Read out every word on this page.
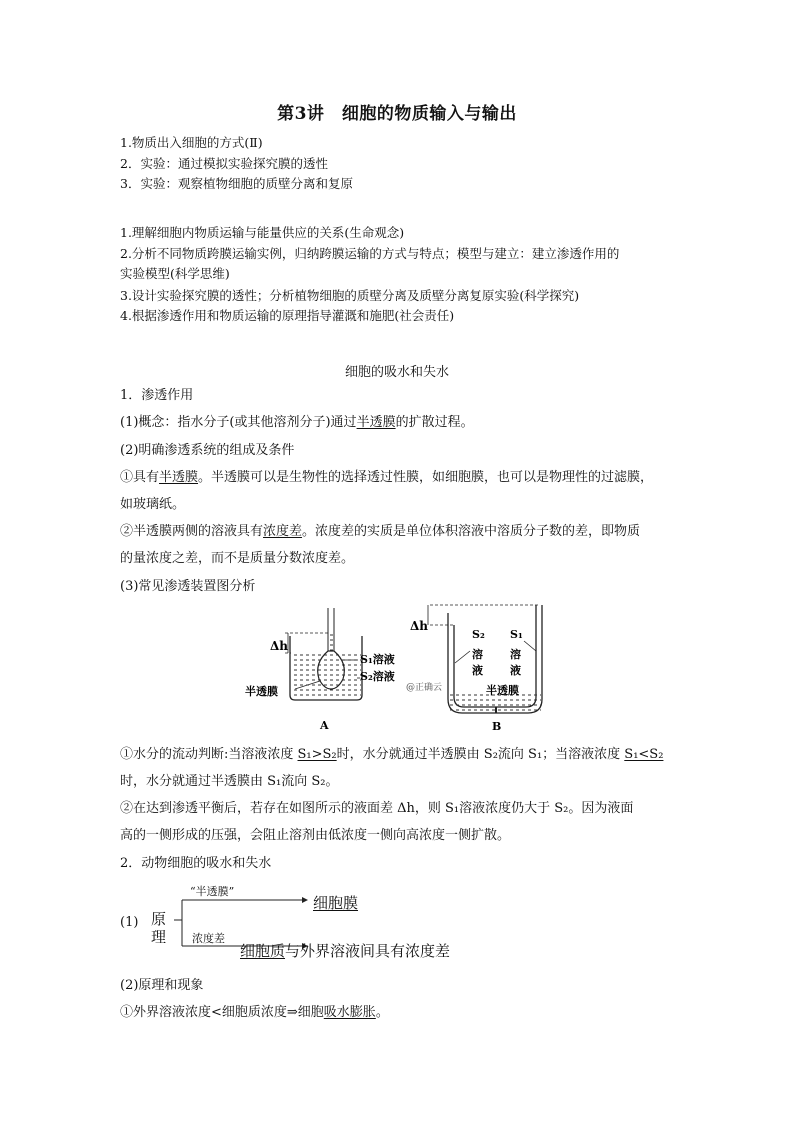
第3讲　细胞的物质输入与输出
1.物质出入细胞的方式(Ⅱ)
2．实验：通过模拟实验探究膜的透性
3．实验：观察植物细胞的质壁分离和复原
1.理解细胞内物质运输与能量供应的关系(生命观念)
2.分析不同物质跨膜运输实例，归纳跨膜运输的方式与特点；模型与建立：建立渗透作用的
实验模型(科学思维)
3.设计实验探究膜的透性；分析植物细胞的质壁分离及质壁分离复原实验(科学探究)
4.根据渗透作用和物质运输的原理指导灌溉和施肥(社会责任)
细胞的吸水和失水
1．渗透作用
(1)概念：指水分子(或其他溶剂分子)通过半透膜的扩散过程。
(2)明确渗透系统的组成及条件
①具有半透膜。半透膜可以是生物性的选择透过性膜，如细胞膜，也可以是物理性的过滤膜，
如玻璃纸。
②半透膜两侧的溶液具有浓度差。浓度差的实质是单位体积溶液中溶质分子数的差，即物质
的量浓度之差，而不是质量分数浓度差。
(3)常见渗透装置图分析
Δh
S₁溶液
S₂溶液
半透膜
A
Δh
S₂
溶
液
S₁
溶
液
半透膜
B
@正确云
①水分的流动判断:当溶液浓度 S₁>S₂时，水分就通过半透膜由 S₂流向 S₁；当溶液浓度 S₁<S₂
时，水分就通过半透膜由 S₁流向 S₂。
②在达到渗透平衡后，若存在如图所示的液面差 Δh，则 S₁溶液浓度仍大于 S₂。因为液面
高的一侧形成的压强，会阻止溶剂由低浓度一侧向高浓度一侧扩散。
2．动物细胞的吸水和失水
(1) 原
理
“半透膜”
细胞膜
浓度差
细胞质与外界溶液间具有浓度差
(2)原理和现象
①外界溶液浓度<细胞质浓度⇒细胞吸水膨胀。
